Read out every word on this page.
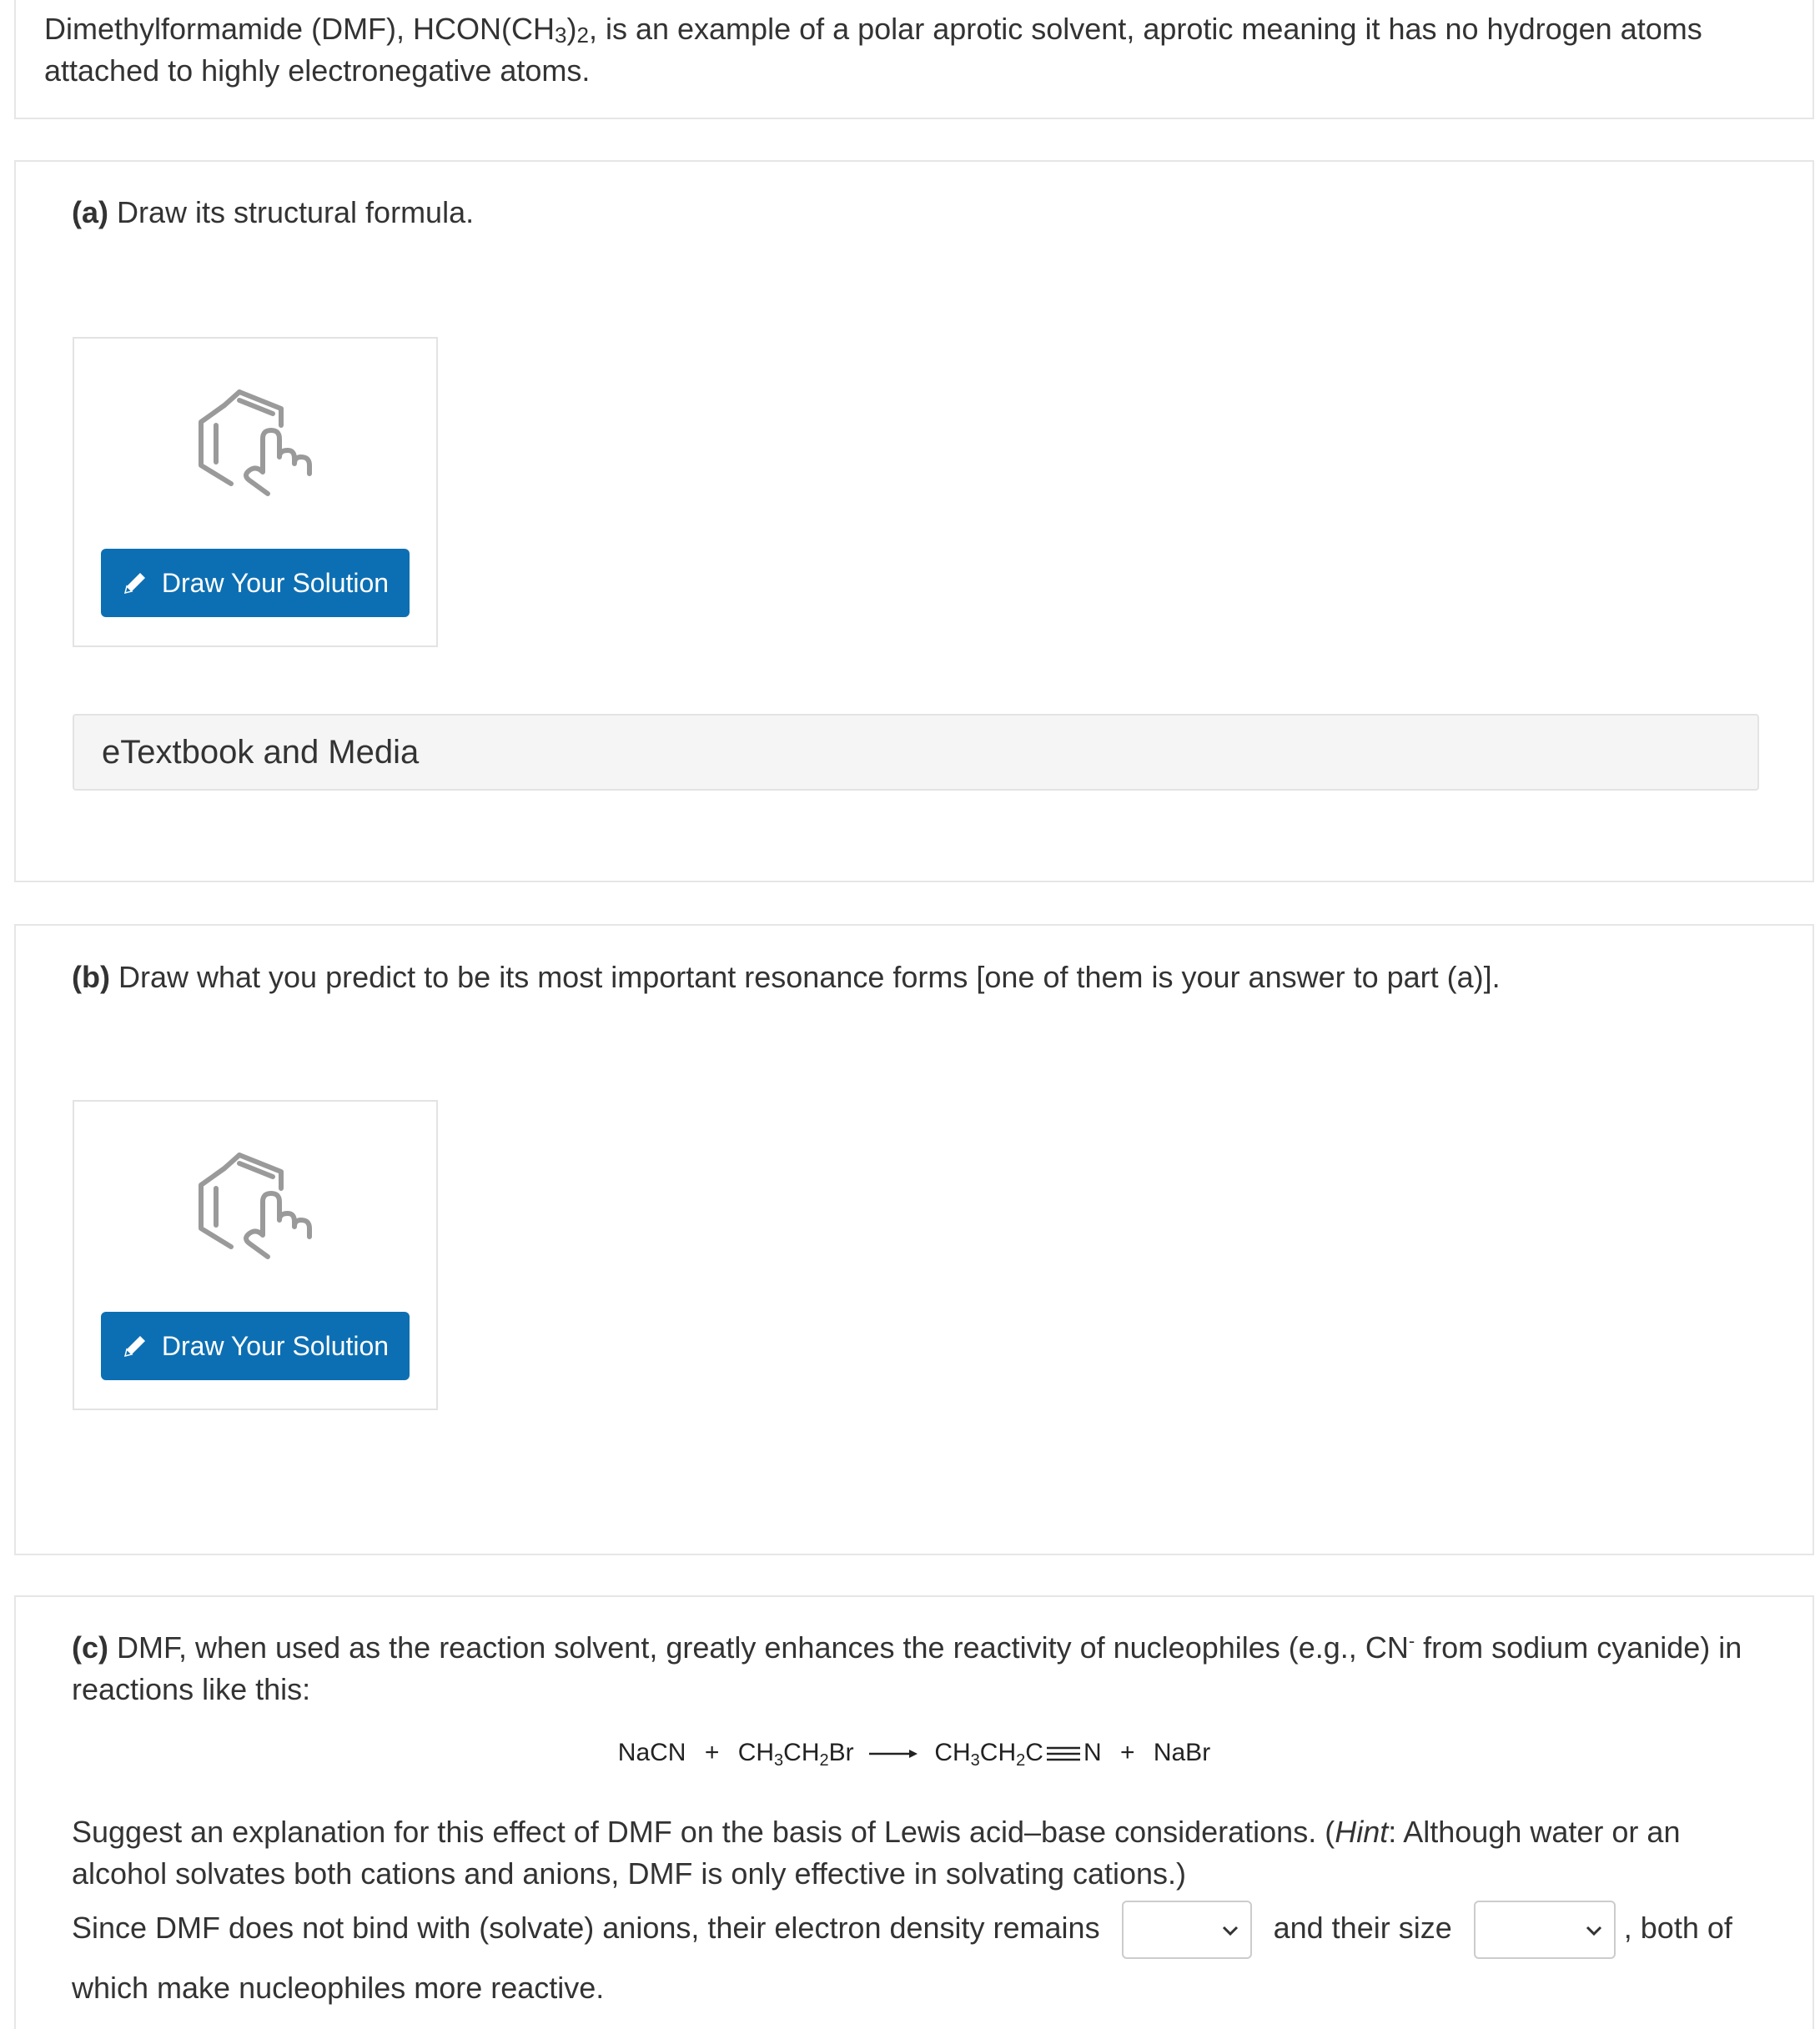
Dimethylformamide (DMF), $HCON(CH_3)_2$, is an example of a polar aprotic solvent, aprotic meaning it has no hydrogen atoms attached to highly electronegative atoms.

(a) Draw its structural formula.

Draw Your Solution
eTextbook and Media

(b) Draw what you predict to be its most important resonance forms [one of them is your answer to part (a)].

Draw Your Solution

(c) DMF, when used as the reaction solvent, greatly enhances the reactivity of nucleophiles (e.g., CN- from sodium cyanide) in reactions like this:

NaCN + $CH_3CH_2Br \to CH_3CH_2C$ N + NaBr

Suggest an explanation for this effect of DMF on the basis of Lewis acid–base considerations. (Hint: Although water or an alcohol solvates both cations and anions, DMF is only effective in solvating cations.)

Since DMF does not bind with (solvate) anions, their electron density remains	and their size	, both of

which make nucleophiles more reactive.
